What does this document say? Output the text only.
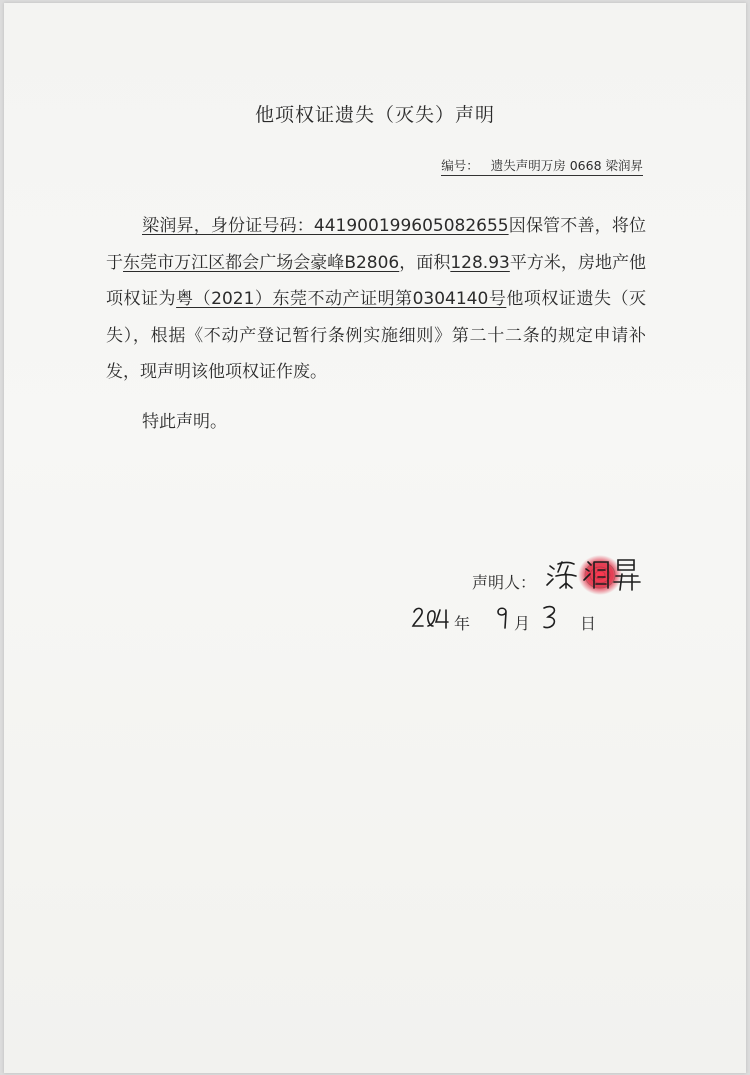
他项权证遗失（灭失）声明
编号： 遗失声明万房 0668 梁润昇
梁润昇，身份证号码：441900199605082655因保管不善，将位于东莞市万江区都会广场会豪峰B2806，面积128.93平方米，房地产他项权证为粤（2021）东莞不动产证明第0304140号他项权证遗失（灭失），根据《不动产登记暂行条例实施细则》第二十二条的规定申请补发，现声明该他项权证作废。
特此声明。
声明人：
年	月	日
